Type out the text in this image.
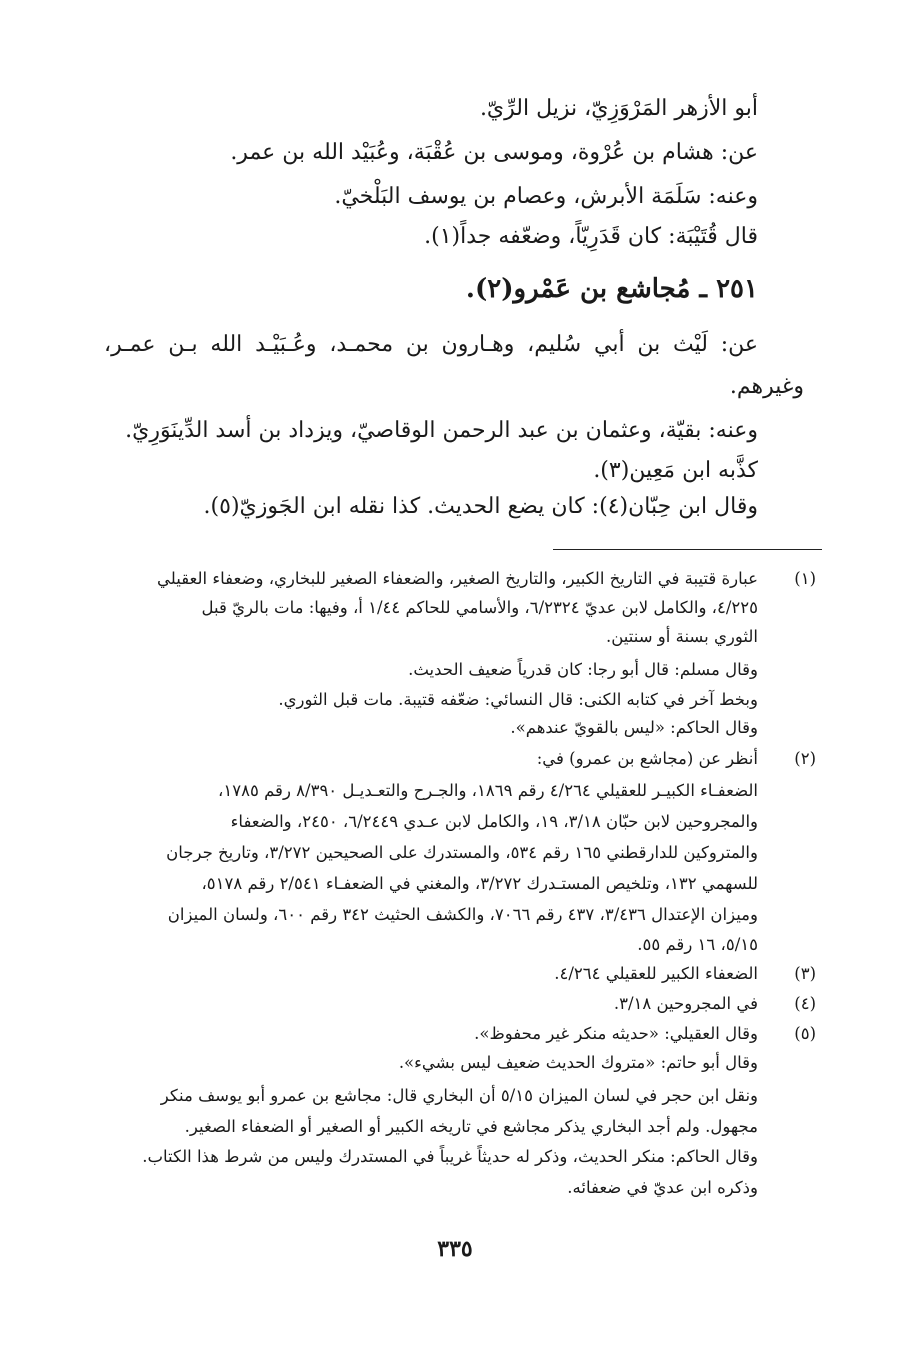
أبو الأزهر المَرْوَزِيّ، نزيل الرِّيّ.
عن: هشام بن عُرْوة، وموسى بن عُقْبَة، وعُبَيْد الله بن عمر.
وعنه: سَلَمَة الأبرش، وعصام بن يوسف البَلْخيّ.
قال قُتَيْبَة: كان قَدَرِيّاً، وضعّفه جداً(١).
٢٥١ ـ مُجاشع بن عَمْرو(٢).
عن: لَيْث بن أبي سُليم، وهـارون بن محمـد، وعُـبَيْـد الله بـن عمـر،
وغيرهم.
وعنه: بقيّة، وعثمان بن عبد الرحمن الوقاصيّ، ويزداد بن أسد الدِّينَوَرِيّ.
كذَّبه ابن مَعِين(٣).
وقال ابن حِبّان(٤): كان يضع الحديث. كذا نقله ابن الجَوزيّ(٥).
(١)
عبارة قتيبة في التاريخ الكبير، والتاريخ الصغير، والضعفاء الصغير للبخاري، وضعفاء العقيلي
٤/٢٢٥، والكامل لابن عديّ ٦/٢٣٢٤، والأسامي للحاكم ١/٤٤ أ، وفيها: مات بالريّ قبل
الثوري بسنة أو سنتين.
وقال مسلم: قال أبو رجا: كان قدرياً ضعيف الحديث.
وبخط آخر في كتابه الكنى: قال النسائي: ضعّفه قتيبة. مات قبل الثوري.
وقال الحاكم: «ليس بالقويّ عندهم».
(٢)
أنظر عن (مجاشع بن عمرو) في:
الضعفـاء الكبيـر للعقيلي ٤/٢٦٤ رقم ١٨٦٩، والجـرح والتعـديـل ٨/٣٩٠ رقم ١٧٨٥،
والمجروحين لابن حبّان ٣/١٨، ١٩، والكامل لابن عـدي ٦/٢٤٤٩، ٢٤٥٠، والضعفاء
والمتروكين للدارقطني ١٦٥ رقم ٥٣٤، والمستدرك على الصحيحين ٣/٢٧٢، وتاريخ جرجان
للسهمي ١٣٢، وتلخيص المستـدرك ٣/٢٧٢، والمغني في الضعفـاء ٢/٥٤١ رقم ٥١٧٨،
وميزان الإعتدال ٣/٤٣٦، ٤٣٧ رقم ٧٠٦٦، والكشف الحثيث ٣٤٢ رقم ٦٠٠، ولسان الميزان
٥/١٥، ١٦ رقم ٥٥.
(٣)
الضعفاء الكبير للعقيلي ٤/٢٦٤.
(٤)
في المجروحين ٣/١٨.
(٥)
وقال العقيلي: «حديثه منكر غير محفوظ».
وقال أبو حاتم: «متروك الحديث ضعيف ليس بشيء».
ونقل ابن حجر في لسان الميزان ٥/١٥ أن البخاري قال: مجاشع بن عمرو أبو يوسف منكر
مجهول. ولم أجد البخاري يذكر مجاشع في تاريخه الكبير أو الصغير أو الضعفاء الصغير.
وقال الحاكم: منكر الحديث، وذكر له حديثاً غريباً في المستدرك وليس من شرط هذا الكتاب.
وذكره ابن عديّ في ضعفائه.
٣٣٥
